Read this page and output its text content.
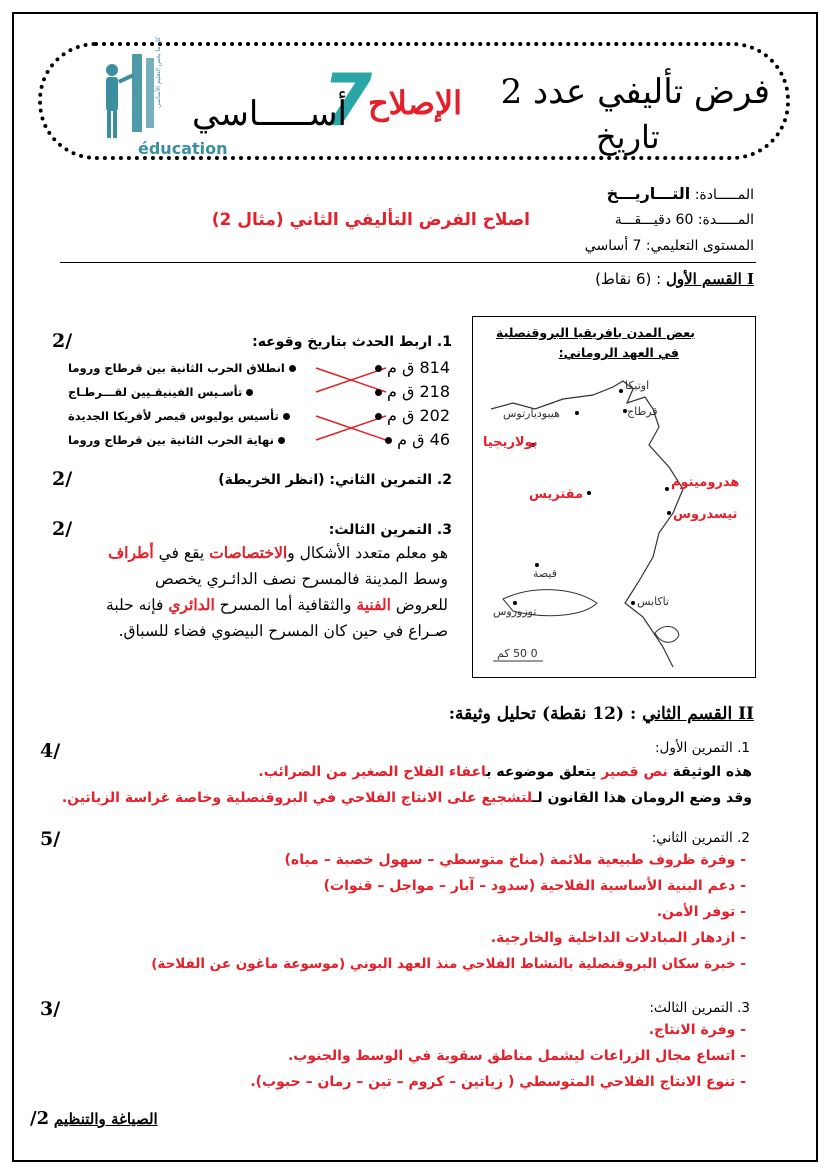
éducation
كل ما يخص التعليم الأساسي	فرض تأليفي عدد 2
تاريخ
الإصلاح
7
أســـــاسي
المـــــادة: التـــاريـــخ
المـــــدة: 60 دقيـــقـــة
المستوى التعليمي: 7 أساسي
اصلاح الفرض التأليفي الثاني (مثال 2)
I القسم الأول : (6 نقاط)
1. اربط الحدث بتاريخ وقوعه:
2/
814 ق م
218 ق م
202 ق م
46 ق م
انطلاق الحرب الثانية بين قرطاج وروما
تأسـيس الفينيقـيين لقـــرطـاج
تأسيس يوليوس قيصر لأفريكا الجديدة
نهاية الحرب الثانية بين قرطاج وروما
2. التمرين الثاني: (انظر الخريطة)
2/
3. التمرين الثالث:
2/
هو معلم متعدد الأشكال والاختصاصات يقع في أطراف
وسط المدينة فالمسرح نصف الدائـري يخصص
للعروض الفنية والثقافية أما المسرح الدائري فإنه حلبة
صـراع في حين كان المسرح البيضوي فضاء للسباق.
بعض المدن بافريقيا البروقنصلية
في العهد الروماني:
اوتيكا
قرطاج
هيبوديارتوس
قيصة
تاكابس
توزوروس
بولاريجيا
مقتريس
هدروميتوم
تيسدروس
0 50 كم
II القسم الثاني : (12 نقطة) تحليل وثيقة:
1. التمرين الأول:
4/
هذه الوثيقة نص قصير يتعلق موضوعه باعفاء الفلاح الصغير من الضرائب.
وقد وضع الرومان هذا القانون لـلتشجيع على الانتاج الفلاحي في البروقنصلية وخاصة غراسة الزياتين.
2. التمرين الثاني:
5/
- وفرة ظروف طبيعية ملائمة (مناخ متوسطي – سهول خصبة – مياه)
- دعم البنية الأساسية الفلاحية (سدود – آبار – مواجل – قنوات)
- توفر الأمن.
- ازدهار المبادلات الداخلية والخارجية.
- خبرة سكان البروقنصلية بالنشاط الفلاحي منذ العهد البوني (موسوعة ماغون عن الفلاحة)
3. التمرين الثالث:
3/
- وفرة الانتاج.
- اتساع مجال الزراعات ليشمل مناطق سقوية في الوسط والجنوب.
- تنوع الانتاج الفلاحي المتوسطي ( زياتين – كروم – تين – رمان – حبوب).
الصياغة والتنظيم 2/
